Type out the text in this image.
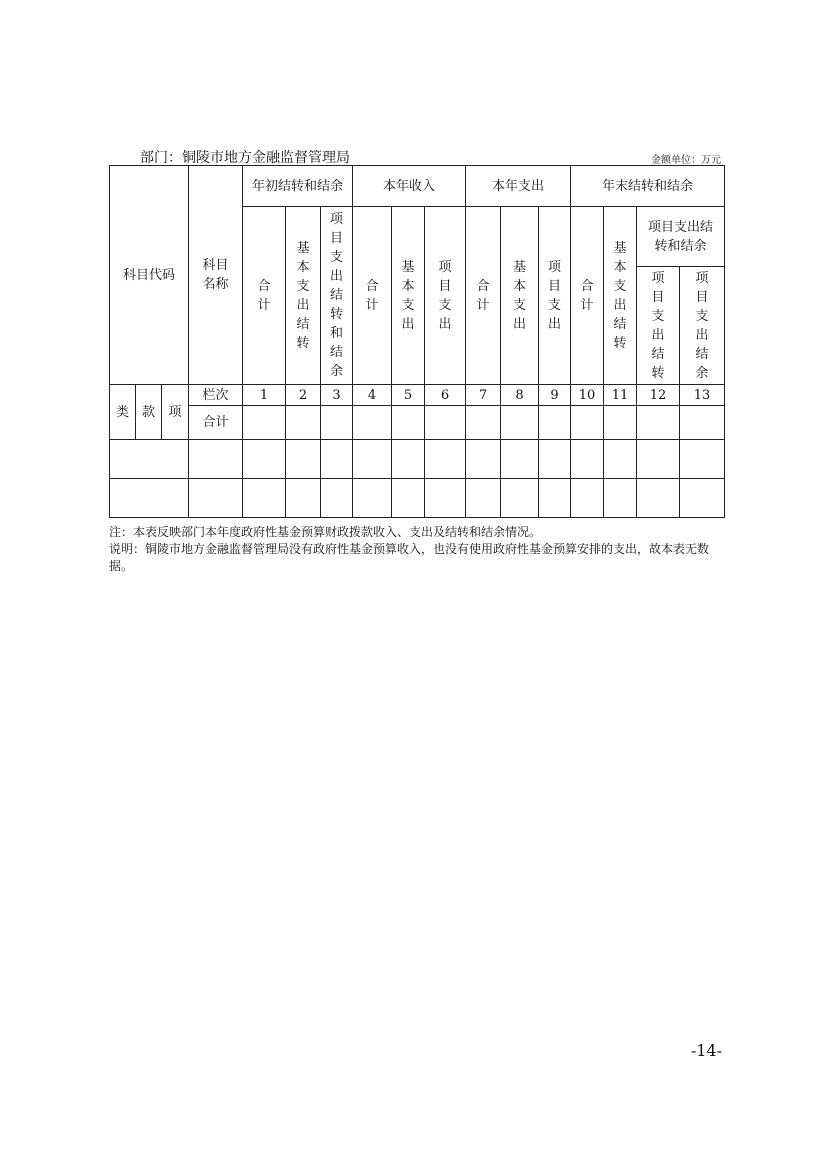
部门：铜陵市地方金融监督管理局	金额单位：万元
科目代码			科目名称	年初结转和结余			本年收入			本年支出			年末结转和结余			
				合计	基本支出结转	项目支出结转和结余	合计	基本支出	项目支出	合计	基本支出	项目支出	合计	基本支出结转	项目支出结转和结余	
															项目支出结转	项目支出结余
类	款	项	栏次	1	2	3	4	5	6	7	8	9	10	11	12	13
			合计													

注：本表反映部门本年度政府性基金预算财政拨款收入、支出及结转和结余情况。

说明：铜陵市地方金融监督管理局没有政府性基金预算收入，也没有使用政府性基金预算安排的支出，故本表无数据。

-14-
